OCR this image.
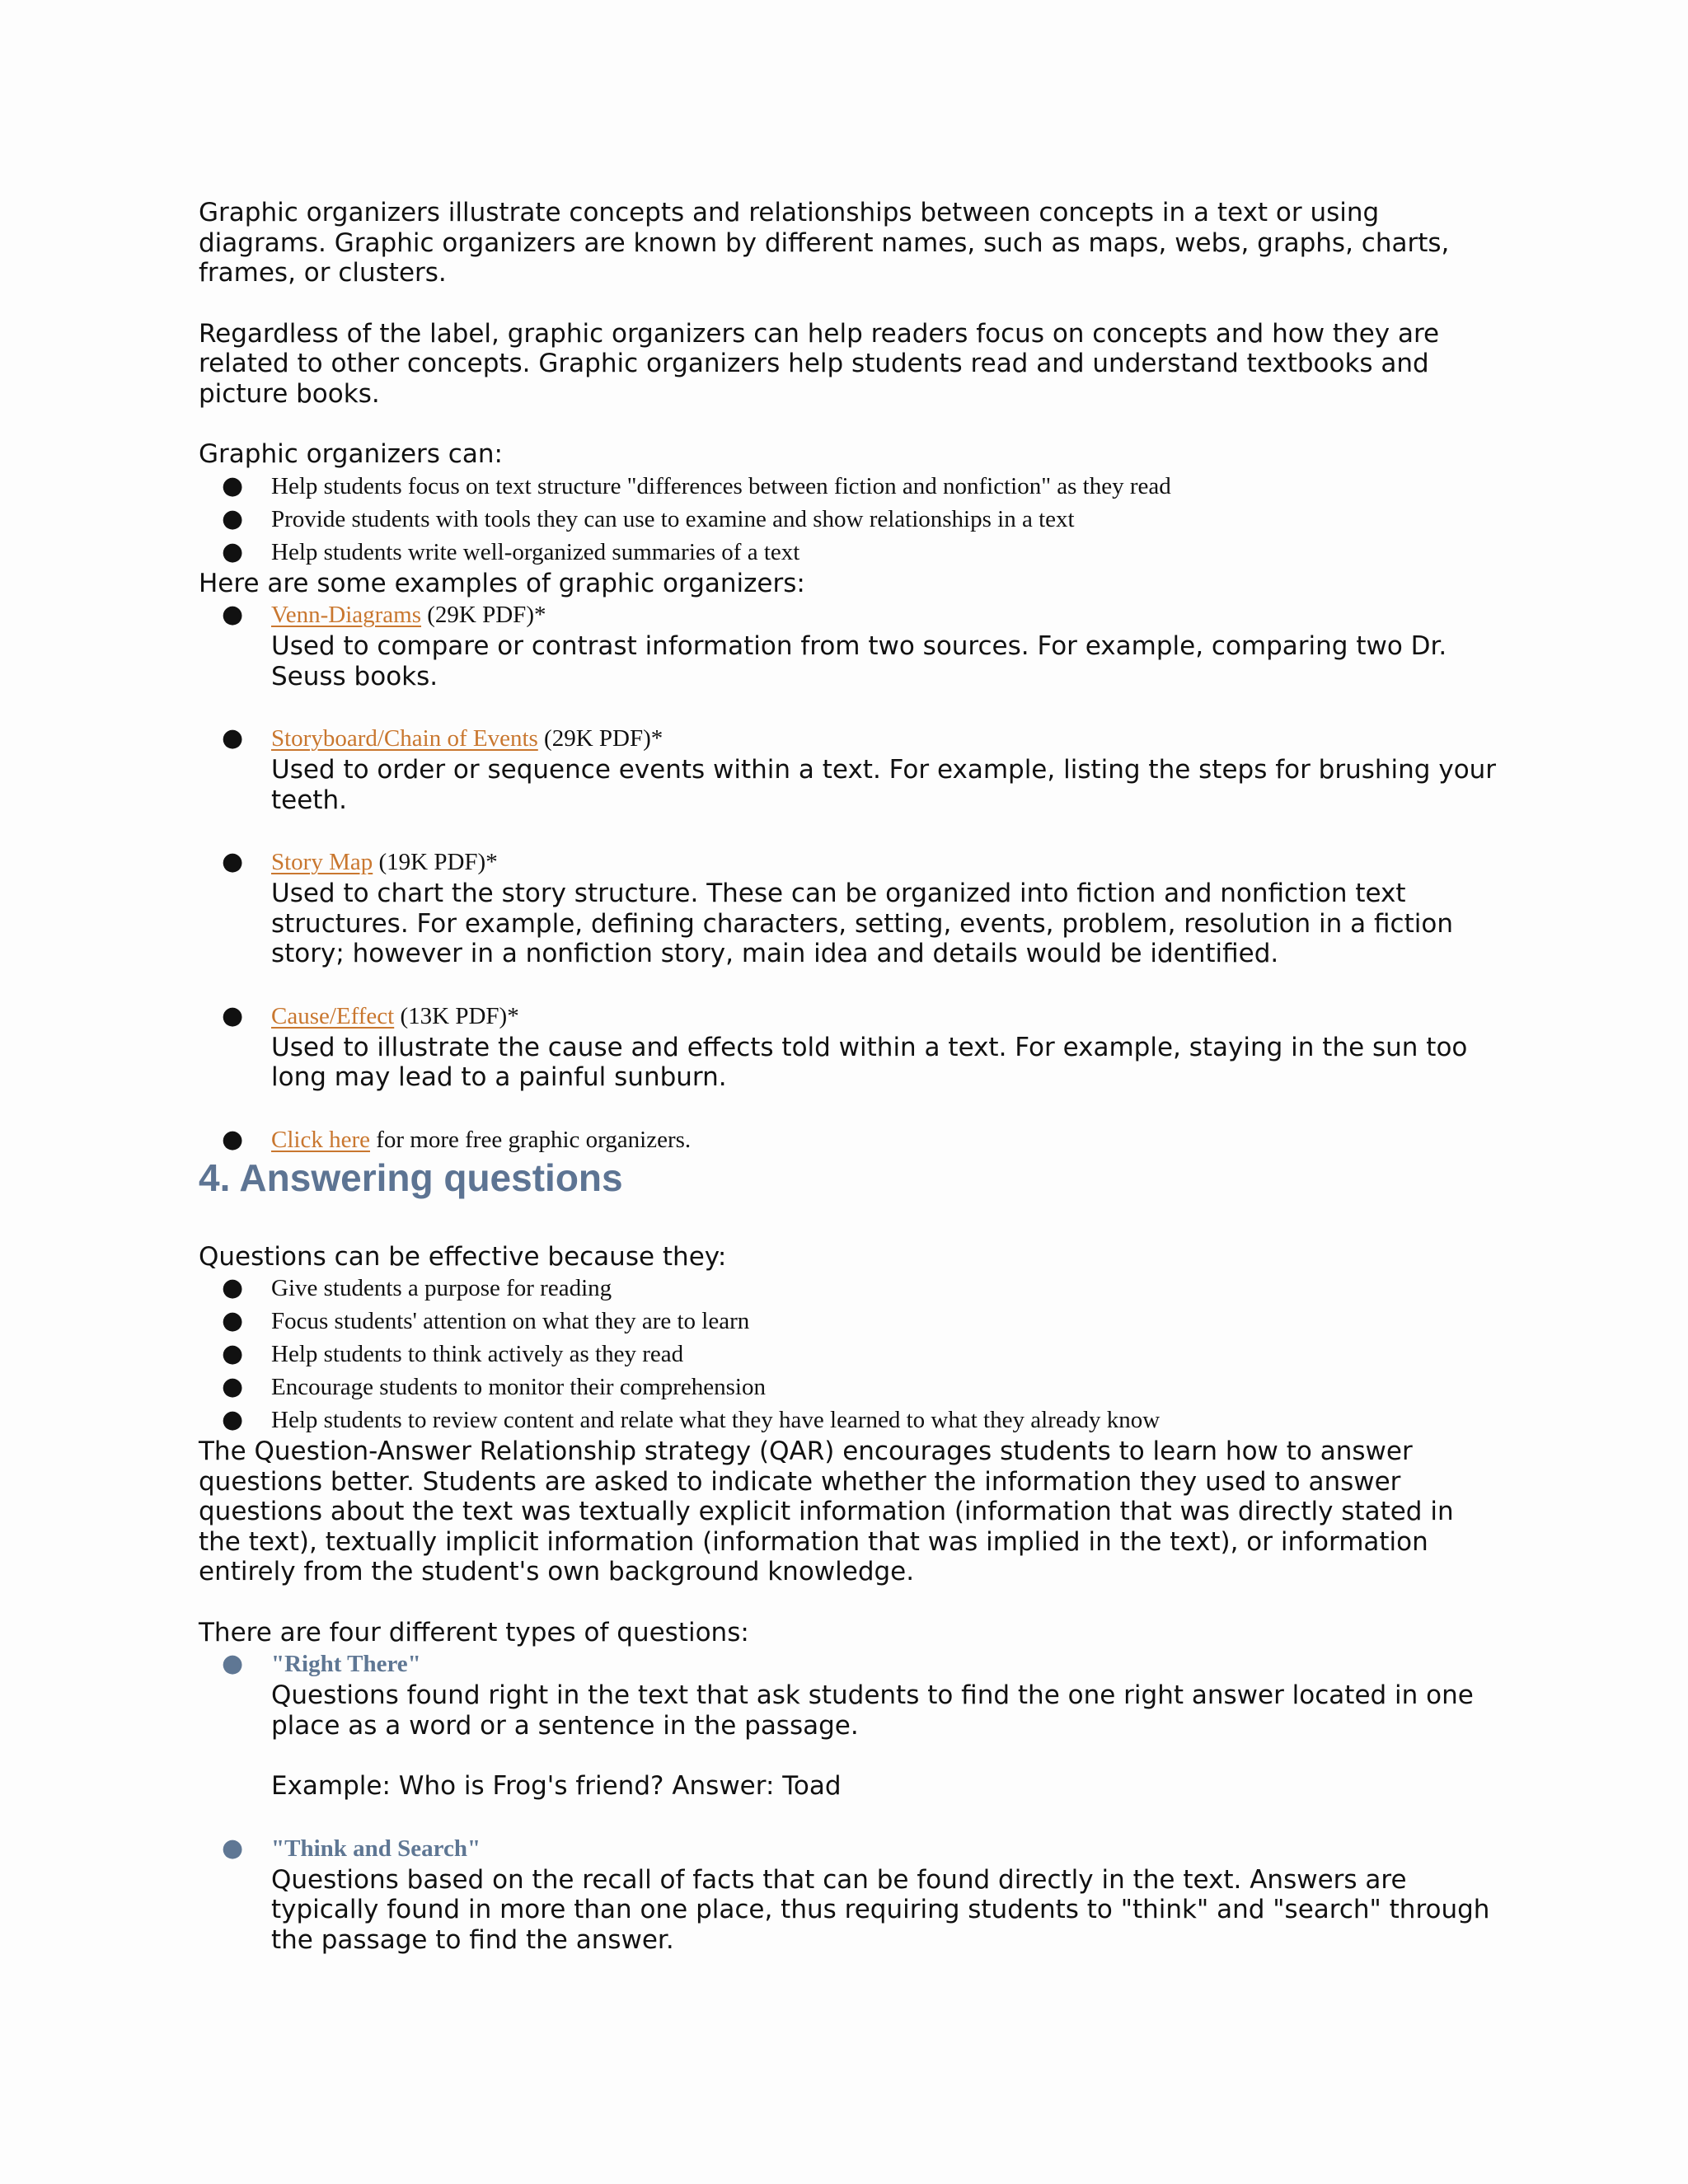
Graphic organizers illustrate concepts and relationships between concepts in a text or using diagrams. Graphic organizers are known by different names, such as maps, webs, graphs, charts, frames, or clusters.

Regardless of the label, graphic organizers can help readers focus on concepts and how they are related to other concepts. Graphic organizers help students read and understand textbooks and picture books.

Graphic organizers can:

● Help students focus on text structure "differences between fiction and nonfiction" as they read
● Provide students with tools they can use to examine and show relationships in a text
● Help students write well-organized summaries of a text

Here are some examples of graphic organizers:

● Venn-Diagrams (29K PDF)*

Used to compare or contrast information from two sources. For example, comparing two Dr. Seuss books.

● Storyboard/Chain of Events (29K PDF)*

Used to order or sequence events within a text. For example, listing the steps for brushing your teeth.

● Story Map (19K PDF)*

Used to chart the story structure. These can be organized into fiction and nonfiction text structures. For example, defining characters, setting, events, problem, resolution in a fiction story; however in a nonfiction story, main idea and details would be identified.

● Cause/Effect (13K PDF)*

Used to illustrate the cause and effects told within a text. For example, staying in the sun too long may lead to a painful sunburn.

● Click here for more free graphic organizers.
4. Answering questions

Questions can be effective because they:

● Give students a purpose for reading
● Focus students' attention on what they are to learn
● Help students to think actively as they read
● Encourage students to monitor their comprehension
● Help students to review content and relate what they have learned to what they already know

The Question-Answer Relationship strategy (QAR) encourages students to learn how to answer questions better. Students are asked to indicate whether the information they used to answer questions about the text was textually explicit information (information that was directly stated in the text), textually implicit information (information that was implied in the text), or information entirely from the student's own background knowledge.

There are four different types of questions:

● "Right There"

Questions found right in the text that ask students to find the one right answer located in one place as a word or a sentence in the passage.

Example: Who is Frog's friend? Answer: Toad

● "Think and Search"

Questions based on the recall of facts that can be found directly in the text. Answers are typically found in more than one place, thus requiring students to "think" and "search" through the passage to find the answer.
